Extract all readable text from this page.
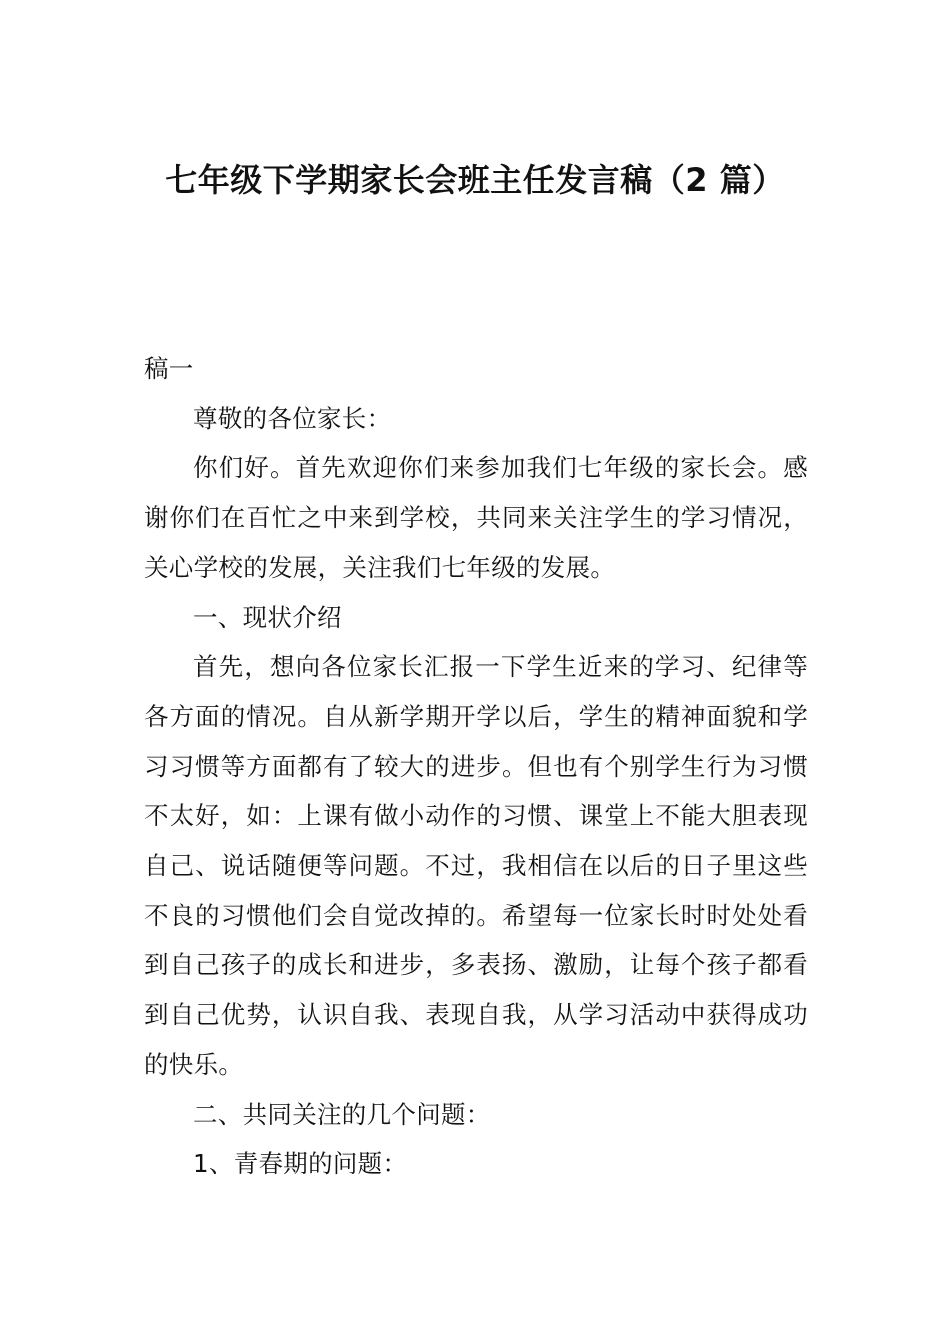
七年级下学期家长会班主任发言稿（2 篇）

稿一

尊敬的各位家长：

你们好。首先欢迎你们来参加我们七年级的家长会。感谢你们在百忙之中来到学校，共同来关注学生的学习情况，关心学校的发展，关注我们七年级的发展。

一、现状介绍

首先，想向各位家长汇报一下学生近来的学习、纪律等各方面的情况。自从新学期开学以后，学生的精神面貌和学习习惯等方面都有了较大的进步。但也有个别学生行为习惯不太好，如：上课有做小动作的习惯、课堂上不能大胆表现自己、说话随便等问题。不过，我相信在以后的日子里这些不良的习惯他们会自觉改掉的。希望每一位家长时时处处看到自己孩子的成长和进步，多表扬、激励，让每个孩子都看到自己优势，认识自我、表现自我，从学习活动中获得成功的快乐。

二、共同关注的几个问题：

1、青春期的问题：
